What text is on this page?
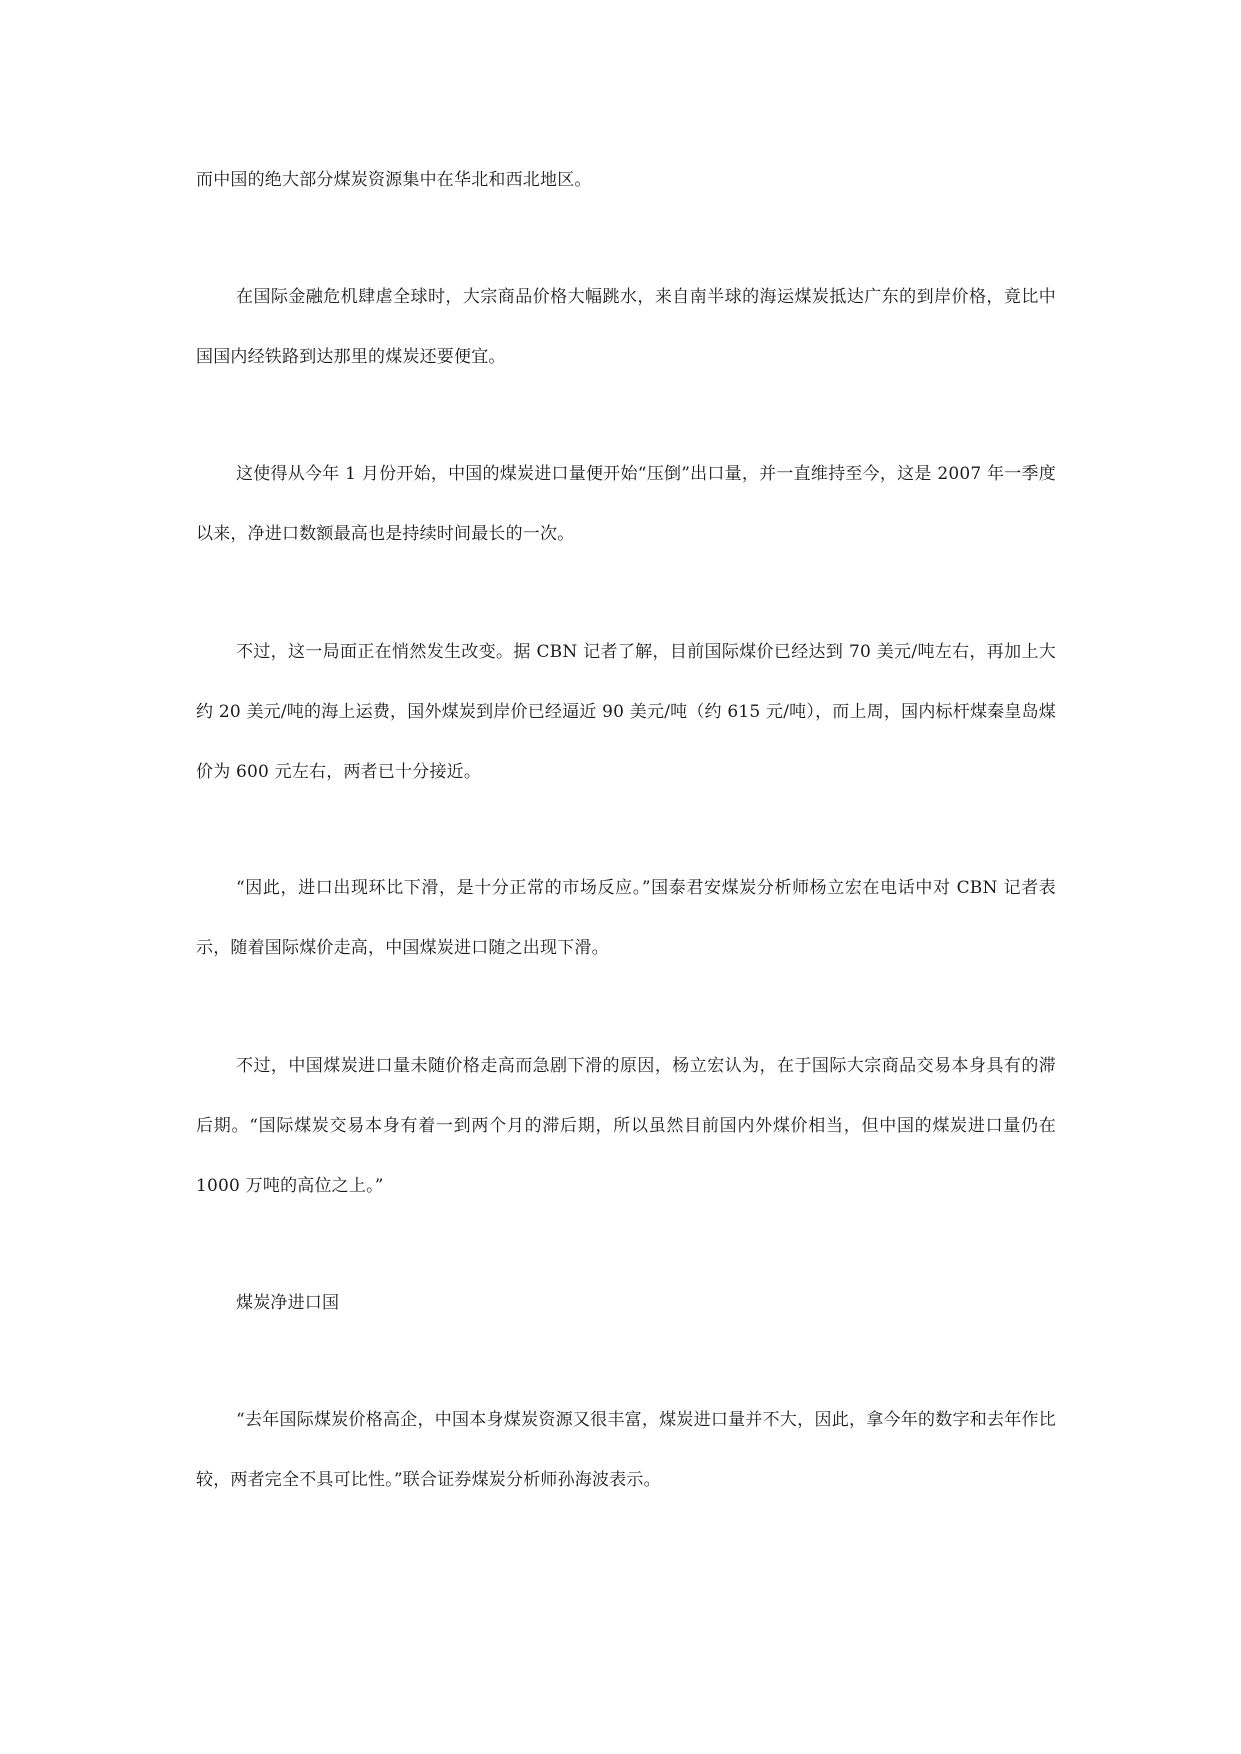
而中国的绝大部分煤炭资源集中在华北和西北地区。

在国际金融危机肆虐全球时，大宗商品价格大幅跳水，来自南半球的海运煤炭抵达广东的到岸价格，竟比中国国内经铁路到达那里的煤炭还要便宜。

这使得从今年 1 月份开始，中国的煤炭进口量便开始“压倒”出口量，并一直维持至今，这是 2007 年一季度以来，净进口数额最高也是持续时间最长的一次。

不过，这一局面正在悄然发生改变。据 CBN 记者了解，目前国际煤价已经达到 70 美元/吨左右，再加上大约 20 美元/吨的海上运费，国外煤炭到岸价已经逼近 90 美元/吨（约 615 元/吨），而上周，国内标杆煤秦皇岛煤价为 600 元左右，两者已十分接近。

“因此，进口出现环比下滑，是十分正常的市场反应。”国泰君安煤炭分析师杨立宏在电话中对 CBN 记者表示，随着国际煤价走高，中国煤炭进口随之出现下滑。

不过，中国煤炭进口量未随价格走高而急剧下滑的原因，杨立宏认为，在于国际大宗商品交易本身具有的滞后期。“国际煤炭交易本身有着一到两个月的滞后期，所以虽然目前国内外煤价相当，但中国的煤炭进口量仍在 1000 万吨的高位之上。”

煤炭净进口国

“去年国际煤炭价格高企，中国本身煤炭资源又很丰富，煤炭进口量并不大，因此，拿今年的数字和去年作比较，两者完全不具可比性。”联合证券煤炭分析师孙海波表示。
